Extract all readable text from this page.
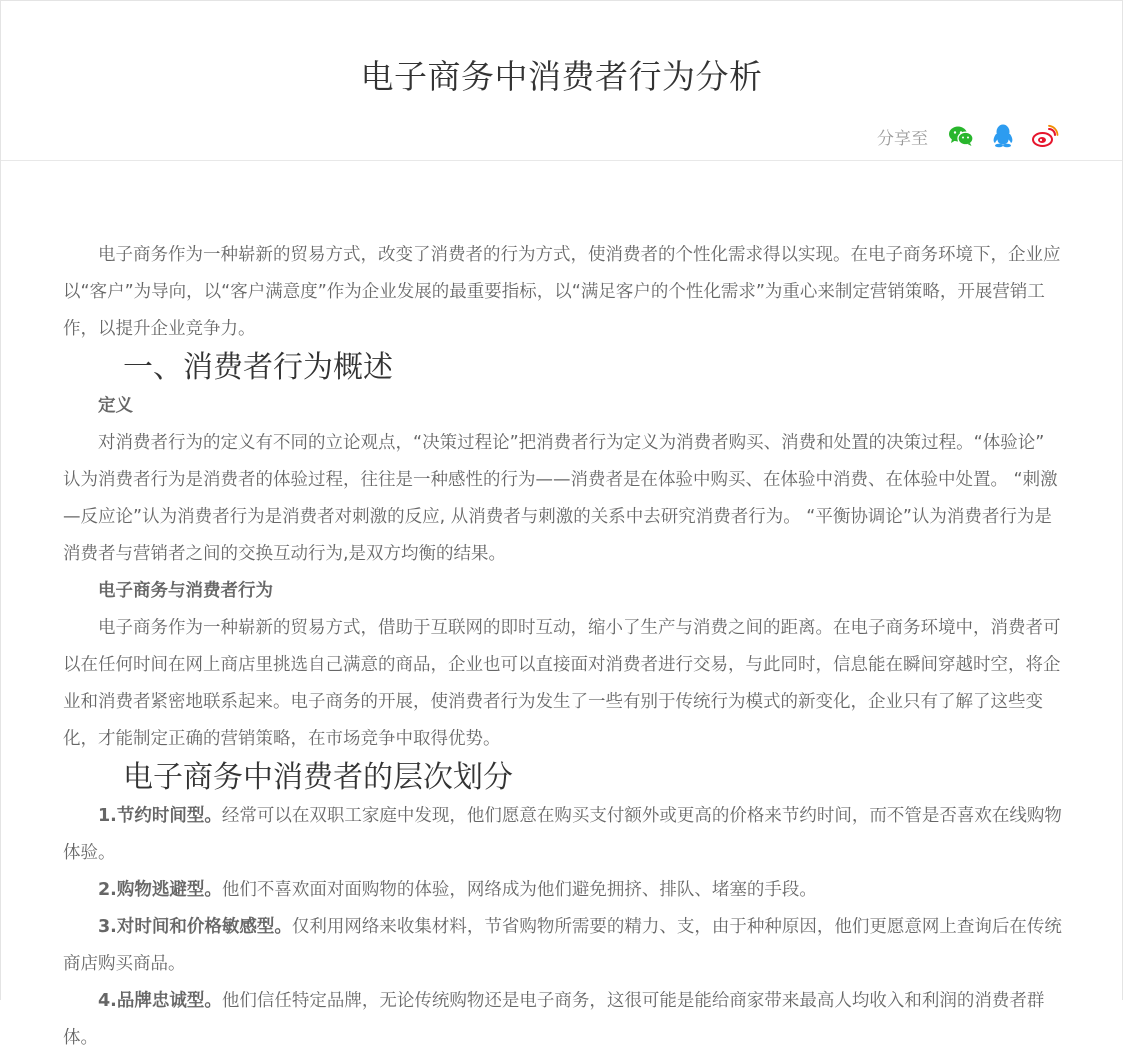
电子商务中消费者行为分析
分享至

电子商务作为一种崭新的贸易方式，改变了消费者的行为方式，使消费者的个性化需求得以实现。在电子商务环境下，企业应以“客户”为导向，以“客户满意度”作为企业发展的最重要指标，以“满足客户的个性化需求”为重心来制定营销策略，开展营销工作，以提升企业竞争力。

一、消费者行为概述
定义

对消费者行为的定义有不同的立论观点，“决策过程论”把消费者行为定义为消费者购买、消费和处置的决策过程。“体验论” 认为消费者行为是消费者的体验过程，往往是一种感性的行为——消费者是在体验中购买、在体验中消费、在体验中处置。 “刺激—反应论”认为消费者行为是消费者对刺激的反应, 从消费者与刺激的关系中去研究消费者行为。 “平衡协调论”认为消费者行为是消费者与营销者之间的交换互动行为,是双方均衡的结果。

电子商务与消费者行为

电子商务作为一种崭新的贸易方式，借助于互联网的即时互动，缩小了生产与消费之间的距离。在电子商务环境中，消费者可以在任何时间在网上商店里挑选自己满意的商品，企业也可以直接面对消费者进行交易，与此同时，信息能在瞬间穿越时空，将企业和消费者紧密地联系起来。电子商务的开展，使消费者行为发生了一些有别于传统行为模式的新变化，企业只有了解了这些变化，才能制定正确的营销策略，在市场竞争中取得优势。

电子商务中消费者的层次划分

1.节约时间型。经常可以在双职工家庭中发现，他们愿意在购买支付额外或更高的价格来节约时间，而不管是否喜欢在线购物体验。

2.购物逃避型。他们不喜欢面对面购物的体验，网络成为他们避免拥挤、排队、堵塞的手段。

3.对时间和价格敏感型。仅利用网络来收集材料，节省购物所需要的精力、支，由于种种原因，他们更愿意网上查询后在传统商店购买商品。

4.品牌忠诚型。他们信任特定品牌，无论传统购物还是电子商务，这很可能是能给商家带来最高人均收入和利润的消费者群体。
